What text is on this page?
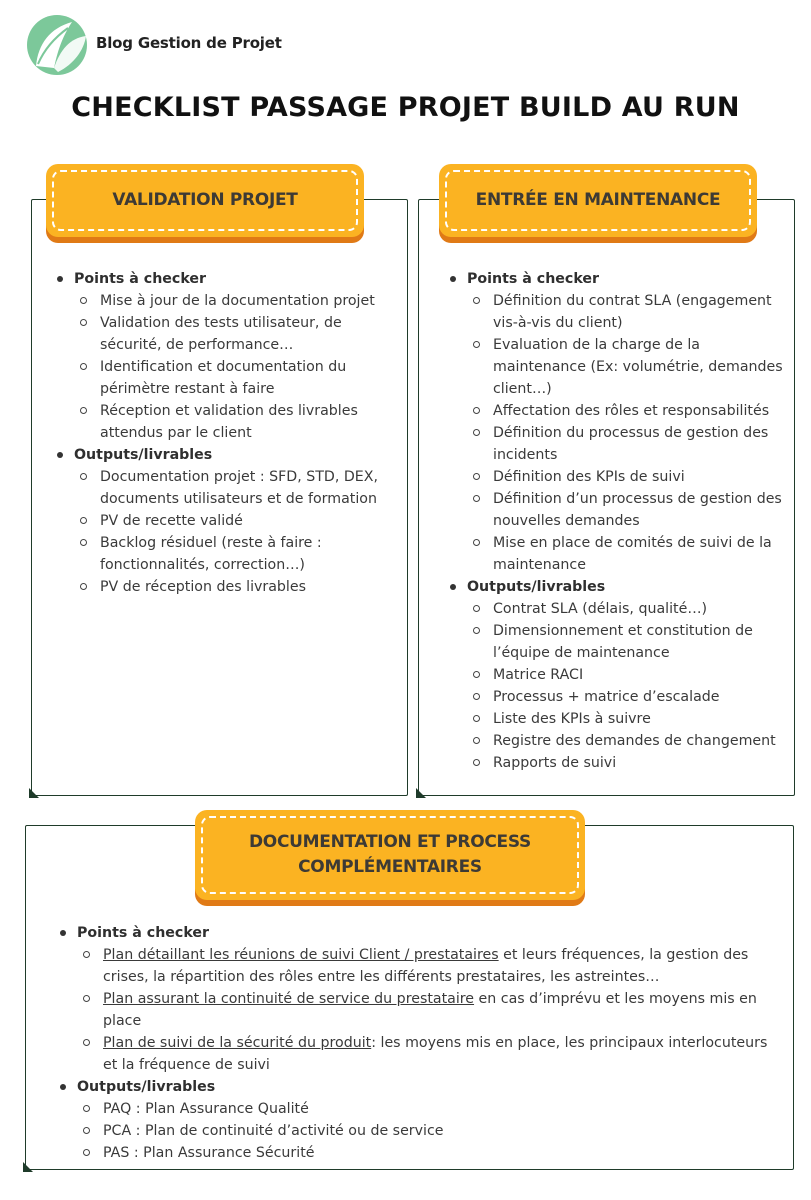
Blog Gestion de Projet
CHECKLIST PASSAGE PROJET BUILD AU RUN
VALIDATION PROJET
Points à checker
Mise à jour de la documentation projet
Validation des tests utilisateur, de sécurité, de performance…
Identification et documentation du périmètre restant à faire
Réception et validation des livrables attendus par le client
Outputs/livrables
Documentation projet : SFD, STD, DEX, documents utilisateurs et de formation
PV de recette validé
Backlog résiduel (reste à faire : fonctionnalités, correction…)
PV de réception des livrables
ENTRÉE EN MAINTENANCE
Points à checker
Définition du contrat SLA (engagement vis-à-vis du client)
Evaluation de la charge de la maintenance (Ex: volumétrie, demandes client…)
Affectation des rôles et responsabilités
Définition du processus de gestion des incidents
Définition des KPIs de suivi
Définition d’un processus de gestion des nouvelles demandes
Mise en place de comités de suivi de la maintenance
Outputs/livrables
Contrat SLA (délais, qualité…)
Dimensionnement et constitution de l’équipe de maintenance
Matrice RACI
Processus + matrice d’escalade
Liste des KPIs à suivre
Registre des demandes de changement
Rapports de suivi
DOCUMENTATION ET PROCESS
COMPLÉMENTAIRES
Points à checker
Plan détaillant les réunions de suivi Client / prestataires et leurs fréquences, la gestion des crises, la répartition des rôles entre les différents prestataires, les astreintes…
Plan assurant la continuité de service du prestataire en cas d’imprévu et les moyens mis en place
Plan de suivi de la sécurité du produit: les moyens mis en place, les principaux interlocuteurs et la fréquence de suivi
Outputs/livrables
PAQ : Plan Assurance Qualité
PCA : Plan de continuité d’activité ou de service
PAS : Plan Assurance Sécurité
